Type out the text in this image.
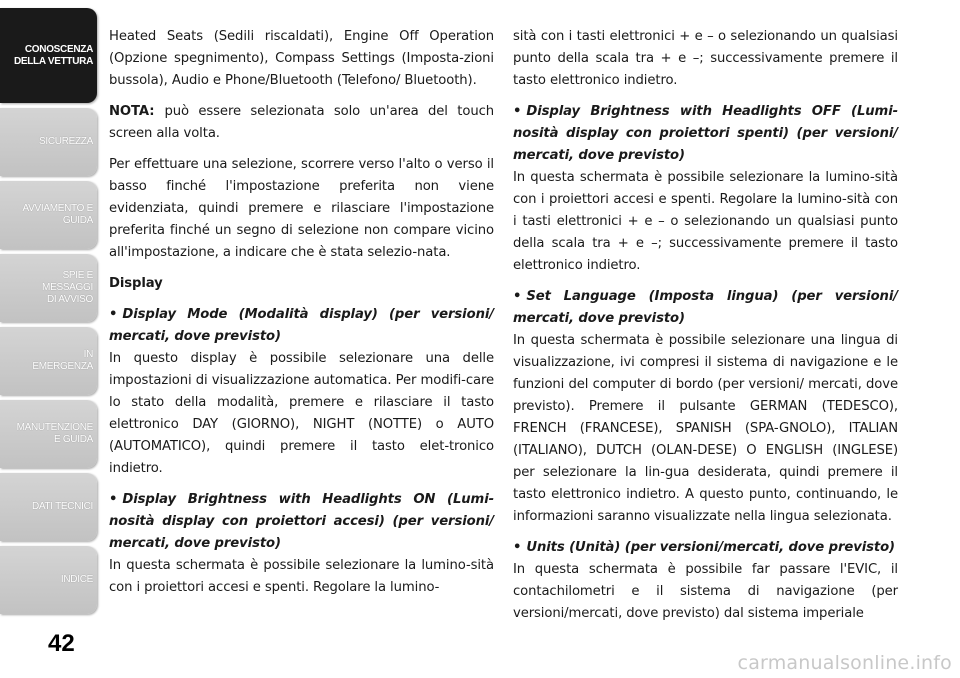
CONOSCENZA
DELLA VETTURA
SICUREZZA
AVVIAMENTO E
GUIDA
SPIE E
MESSAGGI
DI AVVISO
IN
EMERGENZA
MANUTENZIONE
E GUIDA
DATI TECNICI
INDICE
42

Heated Seats (Sedili riscaldati), Engine Off Operation (Opzione spegnimento), Compass Settings (Imposta-zioni bussola), Audio e Phone/Bluetooth (Telefono/ Bluetooth).

NOTA: può essere selezionata solo un'area del touch screen alla volta.

Per effettuare una selezione, scorrere verso l'alto o verso il basso finché l'impostazione preferita non viene evidenziata, quindi premere e rilasciare l'impostazione preferita finché un segno di selezione non compare vicino all'impostazione, a indicare che è stata selezio-nata.

Display

• Display Mode (Modalità display) (per versioni/ mercati, dove previsto)

In questo display è possibile selezionare una delle impostazioni di visualizzazione automatica. Per modifi-care lo stato della modalità, premere e rilasciare il tasto elettronico DAY (GIORNO), NIGHT (NOTTE) o AUTO (AUTOMATICO), quindi premere il tasto elet-tronico indietro.

• Display Brightness with Headlights ON (Lumi-nosità display con proiettori accesi) (per versioni/ mercati, dove previsto)

In questa schermata è possibile selezionare la lumino-sità con i proiettori accesi e spenti. Regolare la lumino-

sità con i tasti elettronici + e – o selezionando un qualsiasi punto della scala tra + e –; successivamente premere il tasto elettronico indietro.

• Display Brightness with Headlights OFF (Lumi-nosità display con proiettori spenti) (per versioni/ mercati, dove previsto)

In questa schermata è possibile selezionare la lumino-sità con i proiettori accesi e spenti. Regolare la lumino-sità con i tasti elettronici + e – o selezionando un qualsiasi punto della scala tra + e –; successivamente premere il tasto elettronico indietro.

• Set Language (Imposta lingua) (per versioni/ mercati, dove previsto)

In questa schermata è possibile selezionare una lingua di visualizzazione, ivi compresi il sistema di navigazione e le funzioni del computer di bordo (per versioni/ mercati, dove previsto). Premere il pulsante GERMAN (TEDESCO), FRENCH (FRANCESE), SPANISH (SPA-GNOLO), ITALIAN (ITALIANO), DUTCH (OLAN-DESE) O ENGLISH (INGLESE) per selezionare la lin-gua desiderata, quindi premere il tasto elettronico indietro. A questo punto, continuando, le informazioni saranno visualizzate nella lingua selezionata.

• Units (Unità) (per versioni/mercati, dove previsto)

In questa schermata è possibile far passare l'EVIC, il contachilometri e il sistema di navigazione (per versioni/mercati, dove previsto) dal sistema imperiale

carmanualsonline.info
